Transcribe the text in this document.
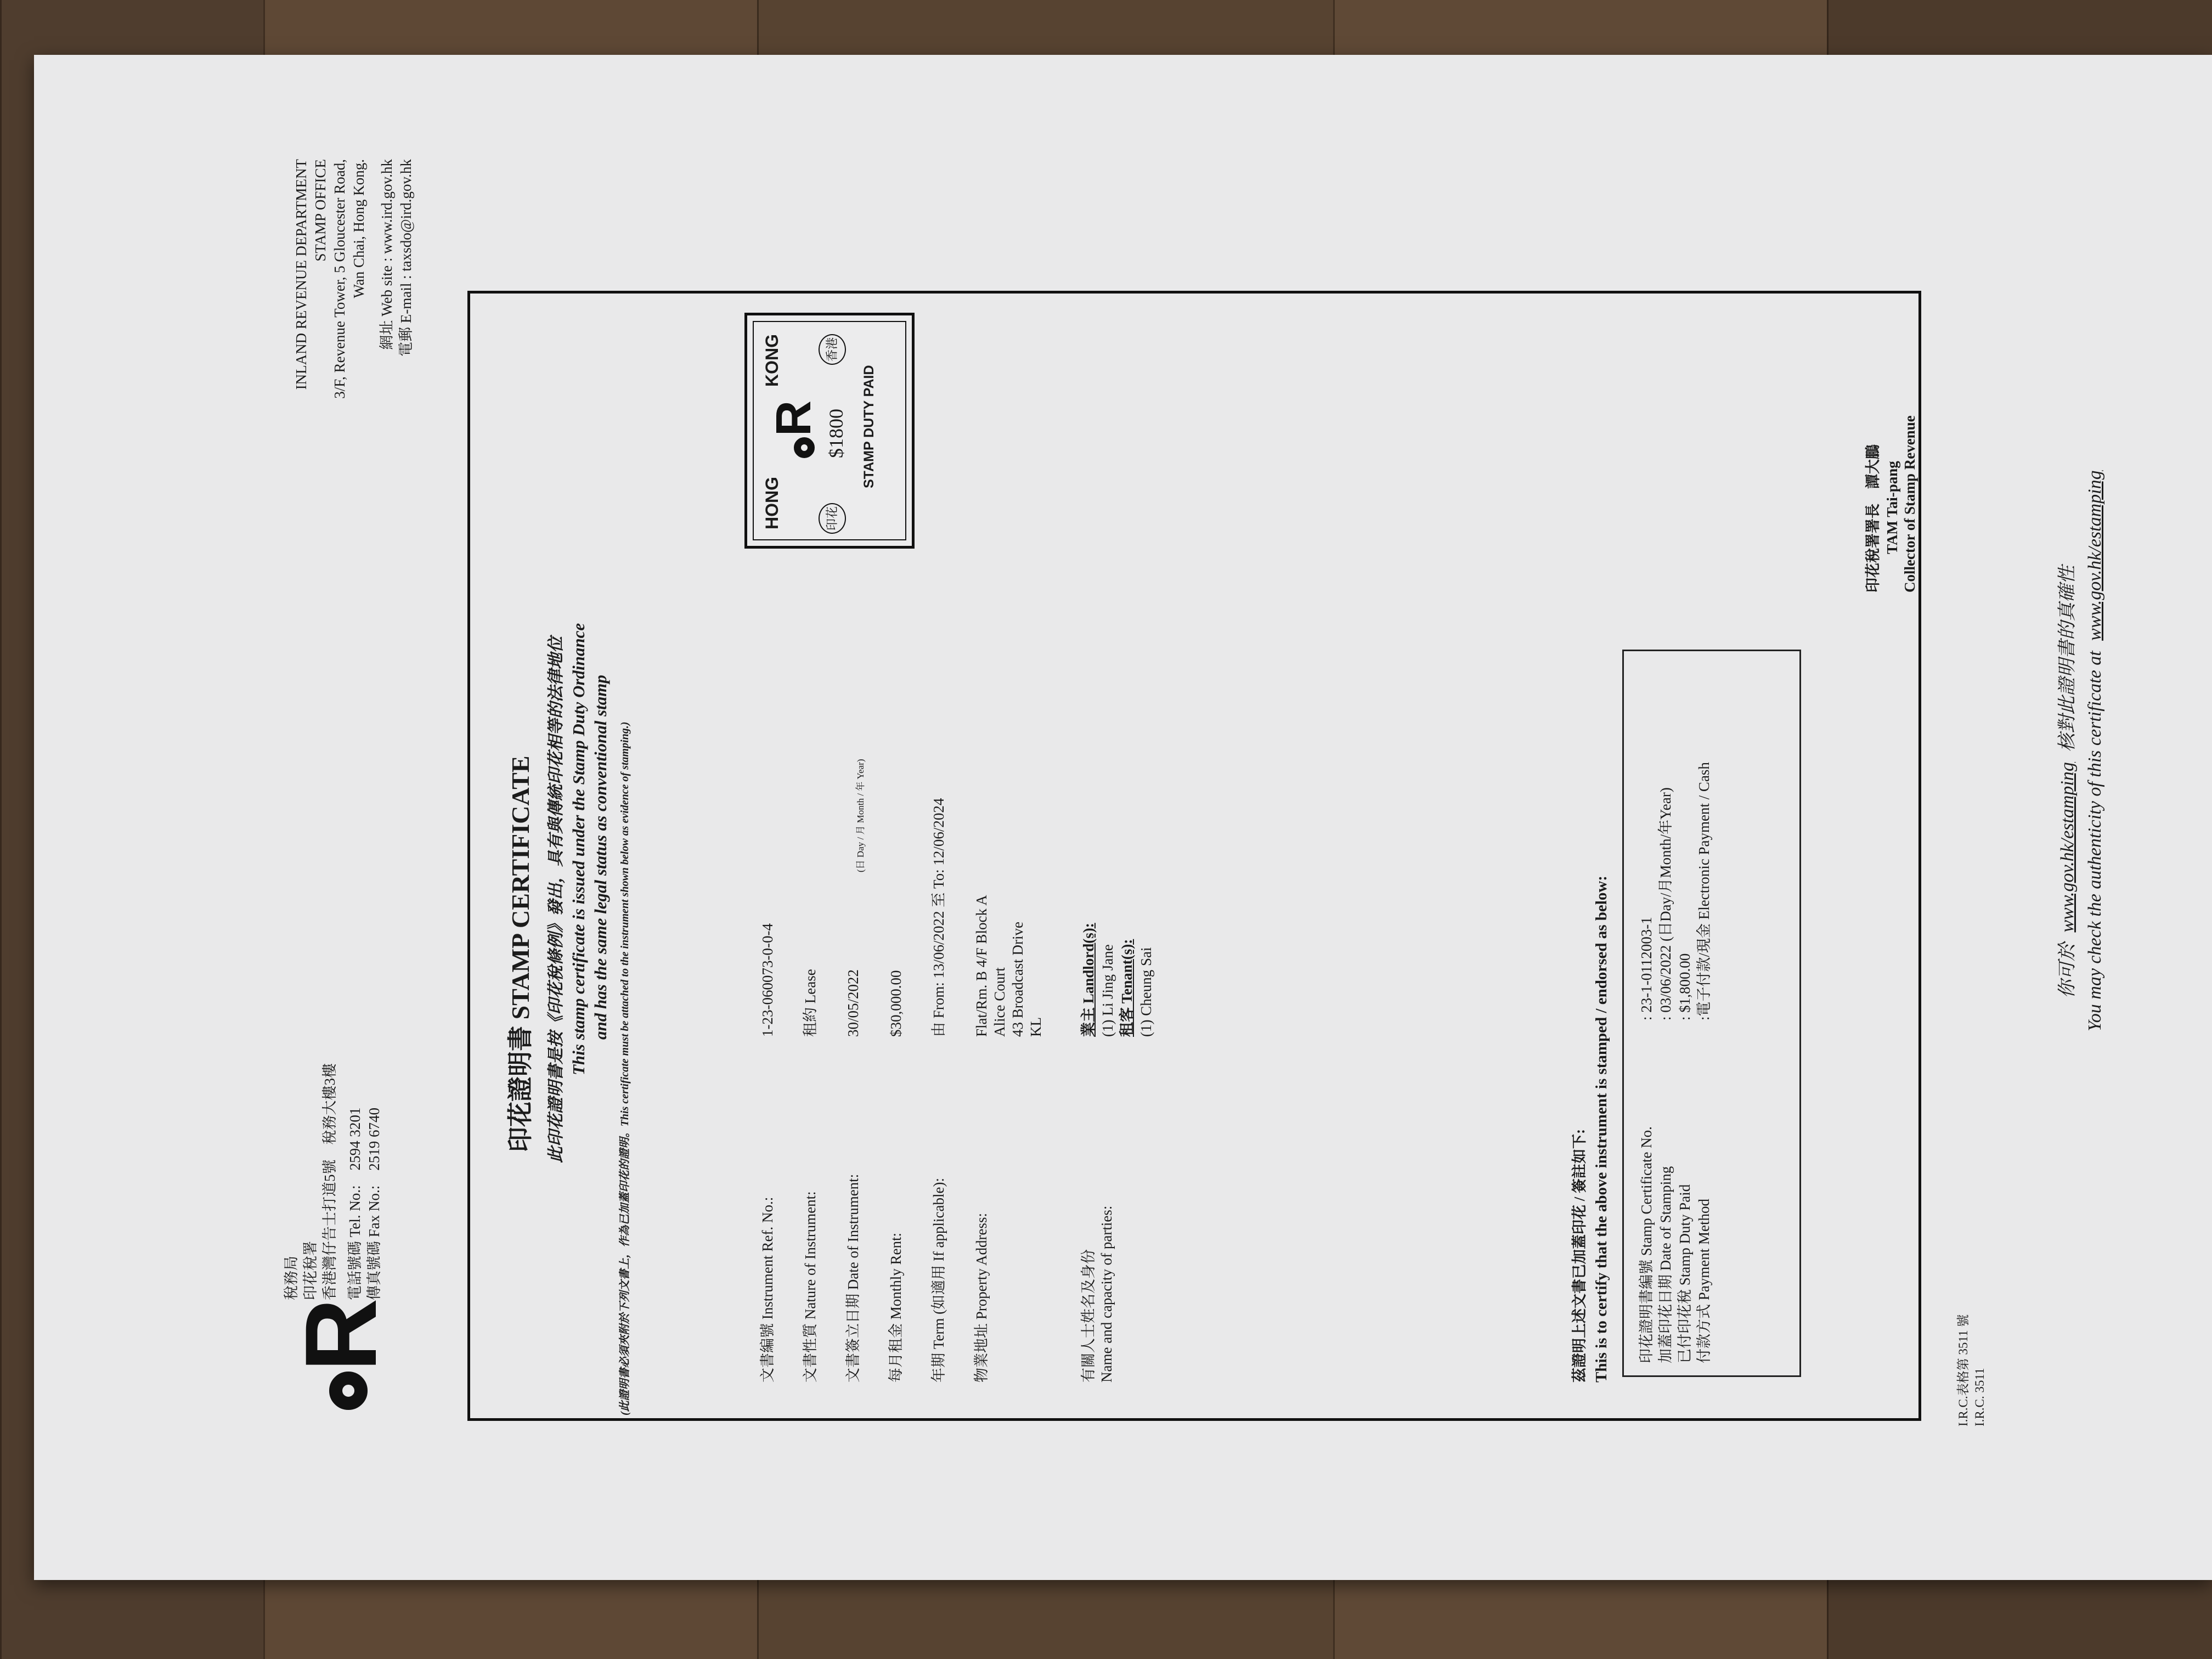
R
稅務局 印花稅署 香港灣仔告士打道5號　稅務大樓3樓 電話號碼 Tel. No.:　2594 3201 傳真號碼 Fax No.:　2519 6740
INLAND REVENUE DEPARTMENT STAMP OFFICE 3/F, Revenue Tower, 5 Gloucester Road, Wan Chai, Hong Kong. 網址 Web site : www.ird.gov.hk 電郵 E-mail : taxsdo@ird.gov.hk
印花證明書 STAMP CERTIFICATE 此印花證明書是按《印花稅條例》發出，具有與傳統印花相等的法律地位 This stamp certificate is issued under the Stamp Duty Ordinance and has the same legal status as conventional stamp (此證明書必須夾附於下列文書上，作為已加蓋印花的證明。This certificate must be attached to the instrument shown below as evidence of stamping.)
HONG
KONG
R $1800 STAMP DUTY PAID
印花
香港
文書編號 Instrument Ref. No.:
1-23-060073-0-0-4
文書性質 Nature of Instrument:
租約 Lease
文書簽立日期 Date of Instrument:
30/05/2022
(日 Day / 月 Month / 年 Year)
每月租金 Monthly Rent:
$30,000.00
年期 Term (如適用 If applicable):
由 From: 13/06/2022 至 To: 12/06/2024
物業地址 Property Address:
Flat/Rm. B 4/F Block A Alice Court 43 Broadcast Drive KL
有關人士姓名及身份 Name and capacity of parties:
業主 Landlord(s): (1) Li Jing Jane 租客 Tenant(s): (1) Cheung Sai
茲證明上述文書已加蓋印花 / 簽註如下: This is to certify that the above instrument is stamped / endorsed as below: 印花證明書編號 Stamp Certificate No.
: 23-1-0112003-1
加蓋印花日期 Date of Stamping
: 03/06/2022 (日Day/月Month/年Year)
已付印花稅 Stamp Duty Paid
: $1,800.00
付款方式 Payment Method
:電子付款/現金 Electronic Payment / Cash
印花稅署署長　譚大鵬 TAM Tai-pang Collector of Stamp Revenue
I.R.C.表格第 3511 號 I.R.C. 3511
你可於 www.gov.hk/estamping 核對此證明書的真確性 You may check the authenticity of this certificate at www.gov.hk/estamping
